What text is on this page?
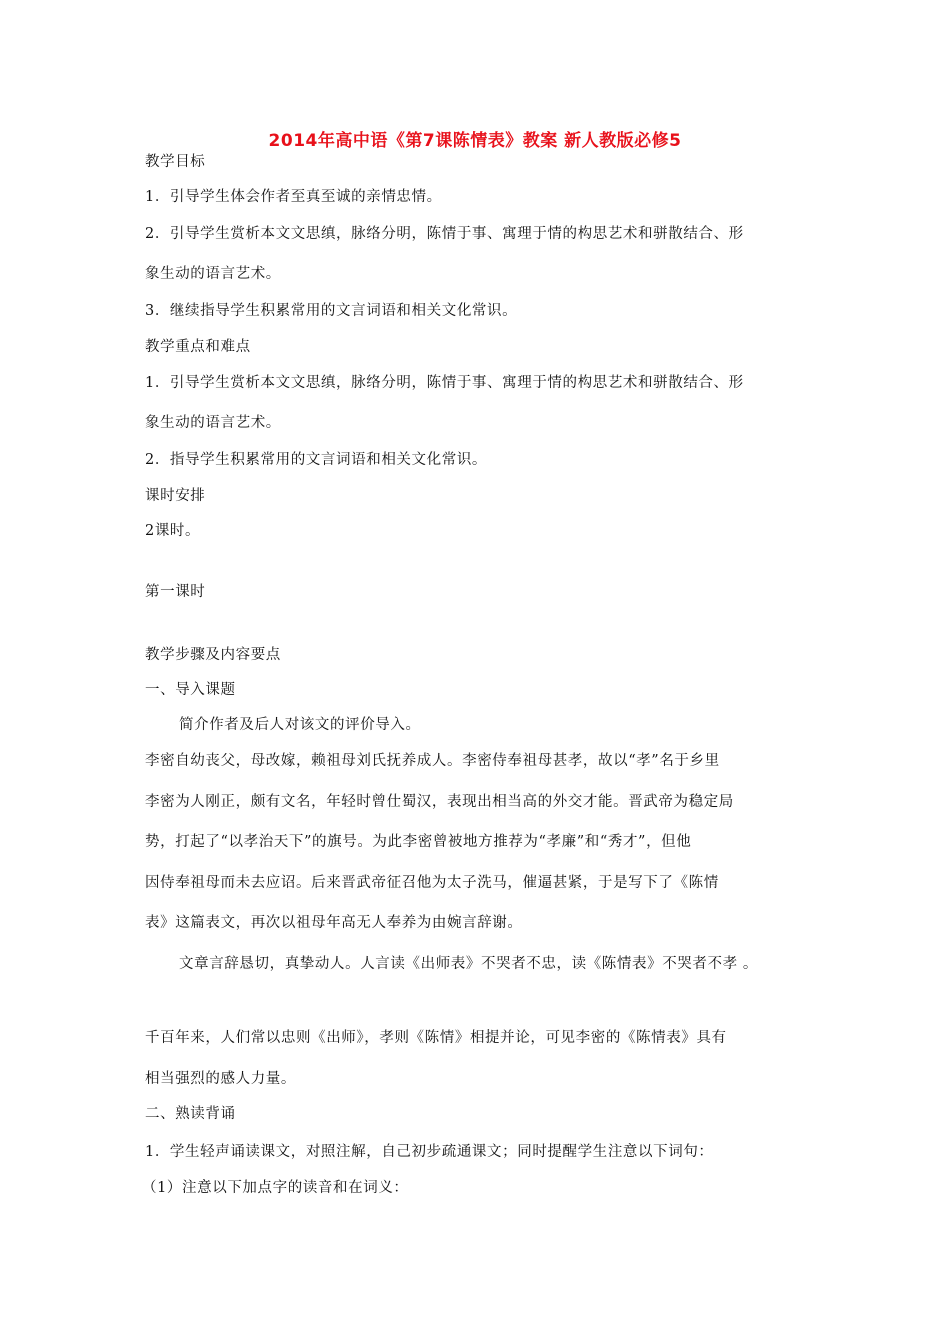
2014年高中语《第7课陈情表》教案 新人教版必修5
教学目标
1．引导学生体会作者至真至诚的亲情忠情。
2．引导学生赏析本文文思缜，脉络分明，陈情于事、寓理于情的构思艺术和骈散结合、形
象生动的语言艺术。
3．继续指导学生积累常用的文言词语和相关文化常识。
教学重点和难点
1．引导学生赏析本文文思缜，脉络分明，陈情于事、寓理于情的构思艺术和骈散结合、形
象生动的语言艺术。
2．指导学生积累常用的文言词语和相关文化常识。
课时安排
2课时。
第一课时
教学步骤及内容要点
一、导入课题
简介作者及后人对该文的评价导入。
李密自幼丧父，母改嫁，赖祖母刘氏抚养成人。李密侍奉祖母甚孝，故以“孝”名于乡里
李密为人刚正，颇有文名，年轻时曾仕蜀汉，表现出相当高的外交才能。晋武帝为稳定局
势，打起了“以孝治天下”的旗号。为此李密曾被地方推荐为“孝廉”和“秀才”，但他
因侍奉祖母而未去应诏。后来晋武帝征召他为太子洗马，催逼甚紧，于是写下了《陈情
表》这篇表文，再次以祖母年高无人奉养为由婉言辞谢。
文章言辞恳切，真挚动人。人言读《出师表》不哭者不忠，读《陈情表》不哭者不孝 。
千百年来，人们常以忠则《出师》，孝则《陈情》相提并论，可见李密的《陈情表》具有
相当强烈的感人力量。
二、熟读背诵
1．学生轻声诵读课文，对照注解，自己初步疏通课文；同时提醒学生注意以下词句：
（1）注意以下加点字的读音和在词义：
